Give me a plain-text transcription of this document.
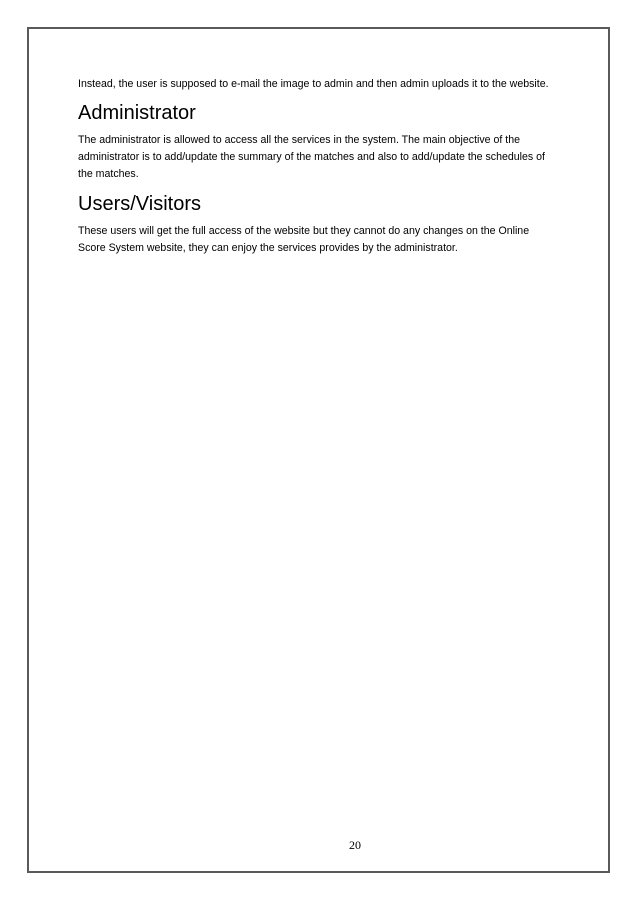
Instead, the user is supposed to e-mail the image to admin and then admin uploads it to the website.

Administrator

The administrator is allowed to access all the services in the system. The main objective of the administrator is to add/update the summary of the matches and also to add/update the schedules of the matches.

Users/Visitors

These users will get the full access of the website but they cannot do any changes on the Online Score System website, they can enjoy the services provides by the administrator.

20
